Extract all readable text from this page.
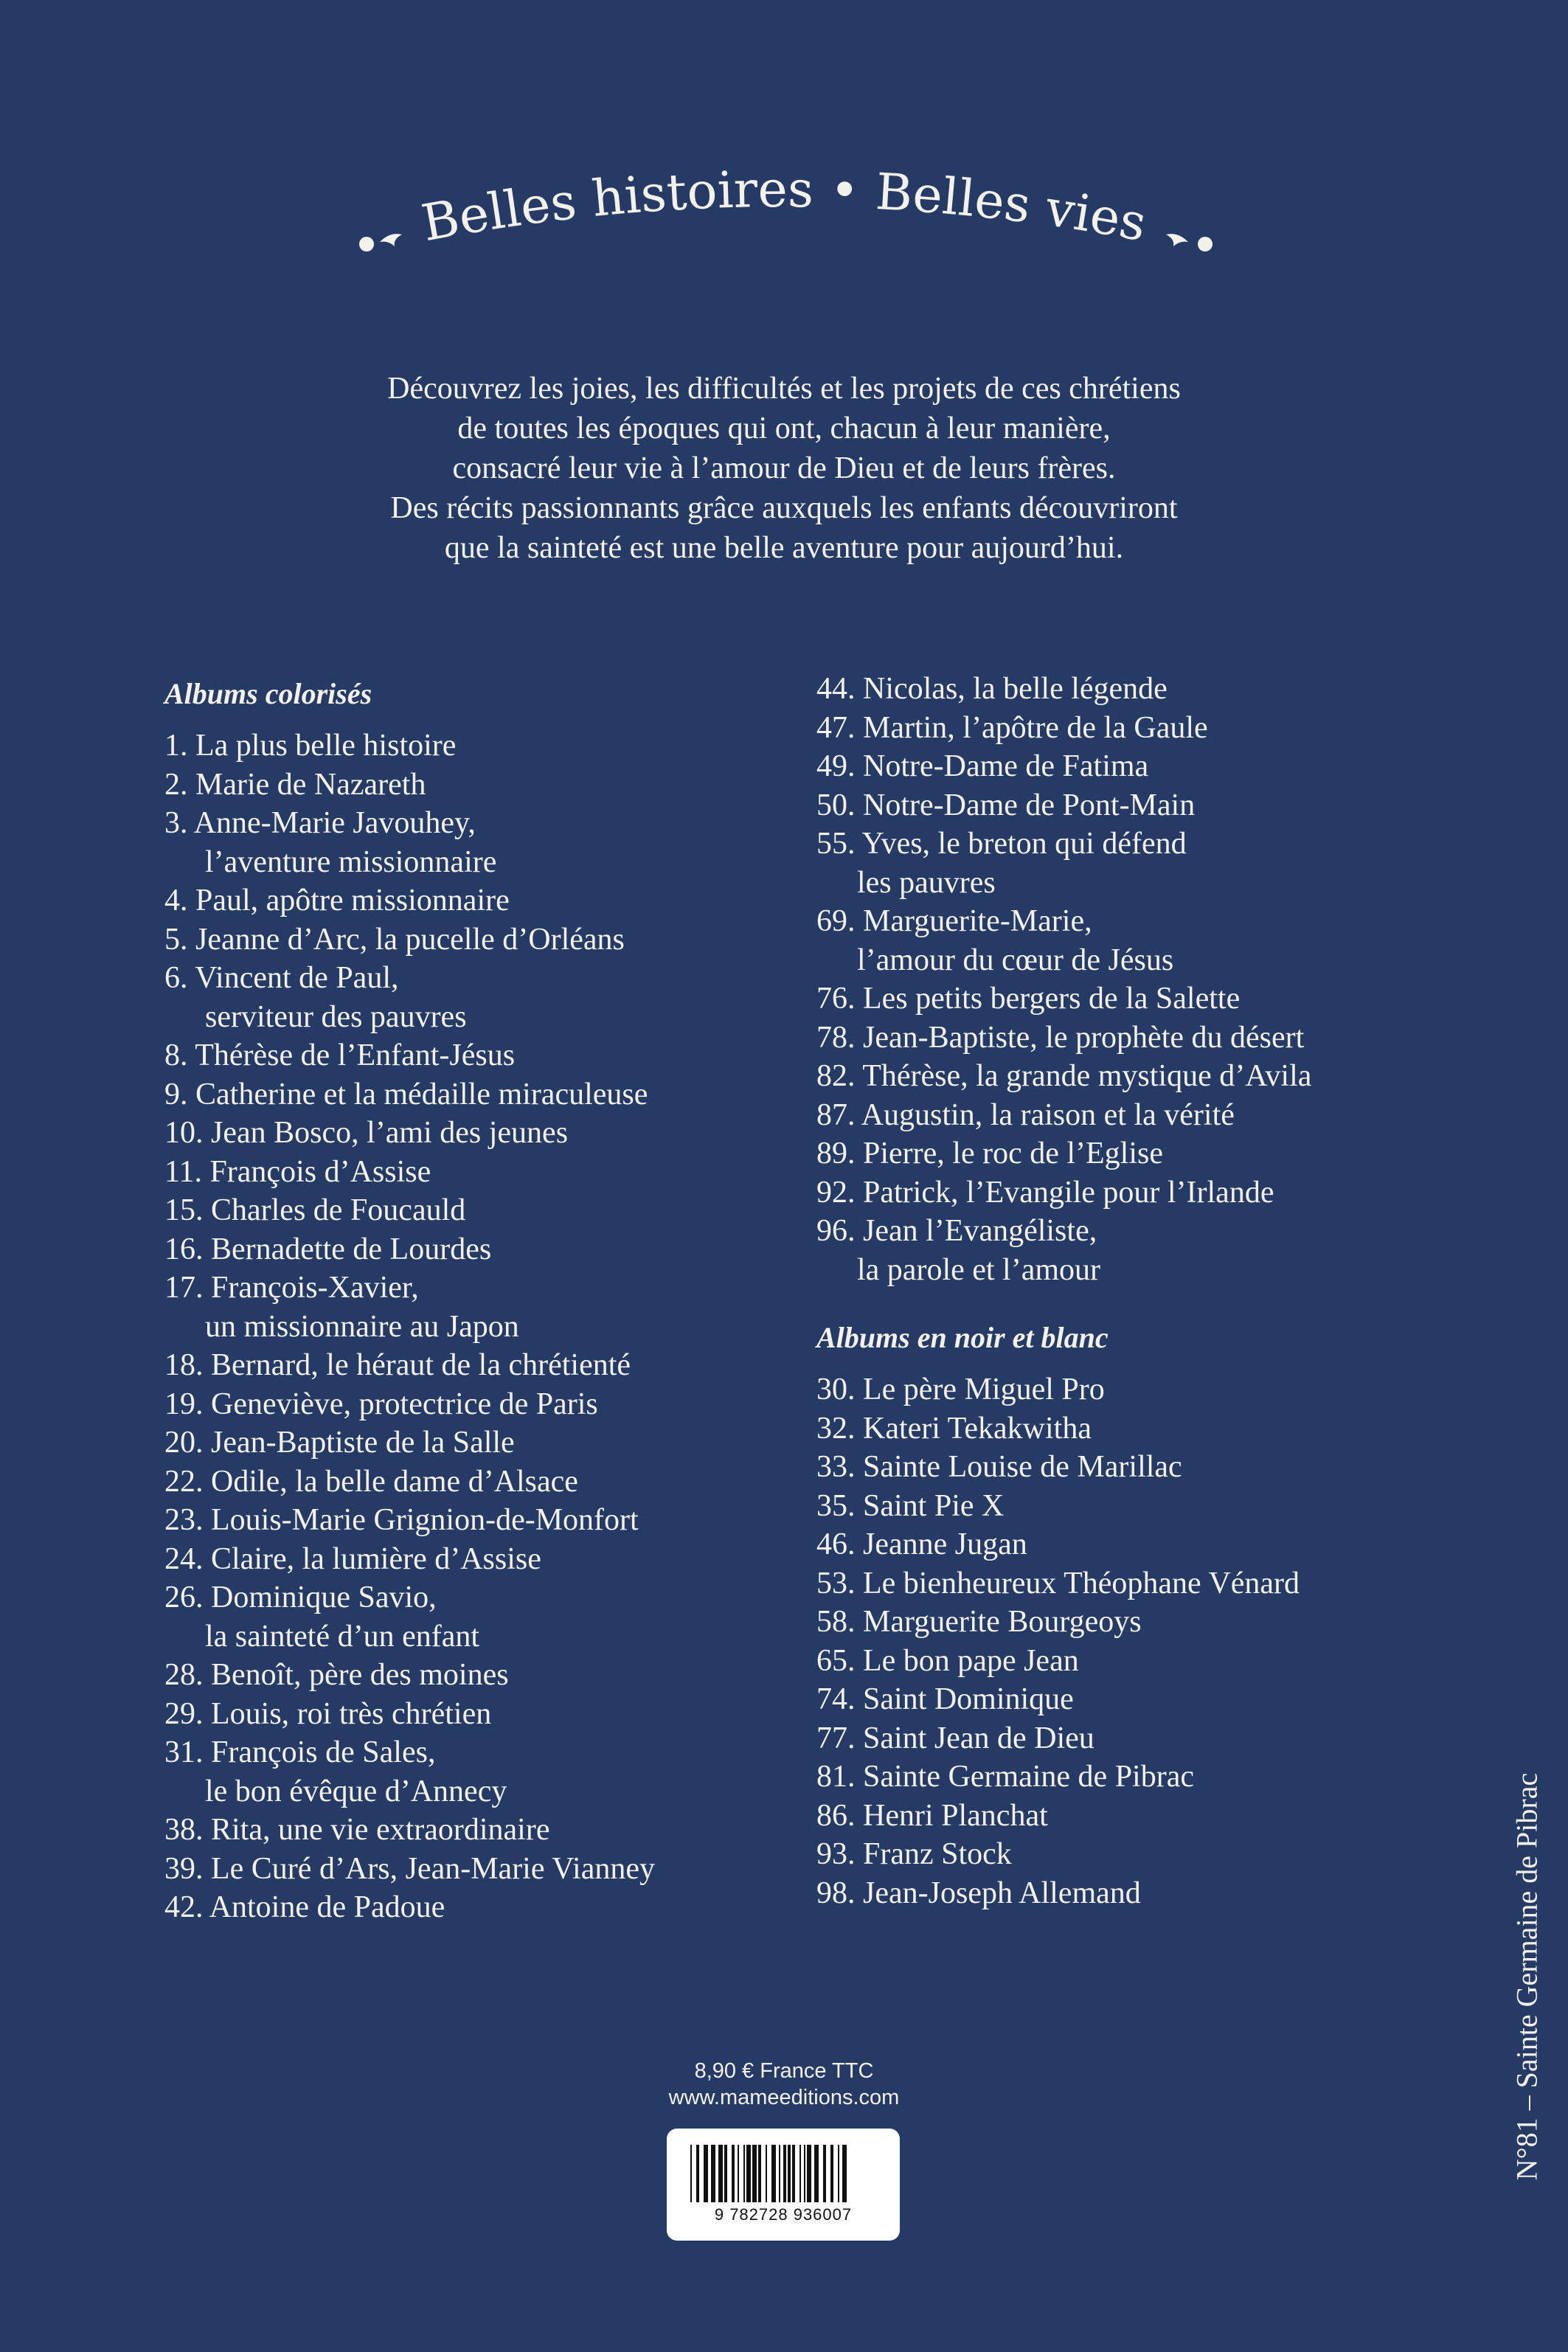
Belles histoires • Belles vies
Découvrez les joies, les difficultés et les projets de ces chrétiens
de toutes les époques qui ont, chacun à leur manière,
consacré leur vie à l’amour de Dieu et de leurs frères.
Des récits passionnants grâce auxquels les enfants découvriront
que la sainteté est une belle aventure pour aujourd’hui.
Albums colorisés
1. La plus belle histoire
2. Marie de Nazareth
3. Anne-Marie Javouhey,
l’aventure missionnaire
4. Paul, apôtre missionnaire
5. Jeanne d’Arc, la pucelle d’Orléans
6. Vincent de Paul,
serviteur des pauvres
8. Thérèse de l’Enfant-Jésus
9. Catherine et la médaille miraculeuse
10. Jean Bosco, l’ami des jeunes
11. François d’Assise
15. Charles de Foucauld
16. Bernadette de Lourdes
17. François-Xavier,
un missionnaire au Japon
18. Bernard, le héraut de la chrétienté
19. Geneviève, protectrice de Paris
20. Jean-Baptiste de la Salle
22. Odile, la belle dame d’Alsace
23. Louis-Marie Grignion-de-Monfort
24. Claire, la lumière d’Assise
26. Dominique Savio,
la sainteté d’un enfant
28. Benoît, père des moines
29. Louis, roi très chrétien
31. François de Sales,
le bon évêque d’Annecy
38. Rita, une vie extraordinaire
39. Le Curé d’Ars, Jean-Marie Vianney
42. Antoine de Padoue
44. Nicolas, la belle légende
47. Martin, l’apôtre de la Gaule
49. Notre-Dame de Fatima
50. Notre-Dame de Pont-Main
55. Yves, le breton qui défend
les pauvres
69. Marguerite-Marie,
l’amour du cœur de Jésus
76. Les petits bergers de la Salette
78. Jean-Baptiste, le prophète du désert
82. Thérèse, la grande mystique d’Avila
87. Augustin, la raison et la vérité
89. Pierre, le roc de l’Eglise
92. Patrick, l’Evangile pour l’Irlande
96. Jean l’Evangéliste,
la parole et l’amour
Albums en noir et blanc
30. Le père Miguel Pro
32. Kateri Tekakwitha
33. Sainte Louise de Marillac
35. Saint Pie X
46. Jeanne Jugan
53. Le bienheureux Théophane Vénard
58. Marguerite Bourgeoys
65. Le bon pape Jean
74. Saint Dominique
77. Saint Jean de Dieu
81. Sainte Germaine de Pibrac
86. Henri Planchat
93. Franz Stock
98. Jean-Joseph Allemand
8,90 € France TTC
www.mameeditions.com
9 782728 936007
N°81 – Sainte Germaine de Pibrac
